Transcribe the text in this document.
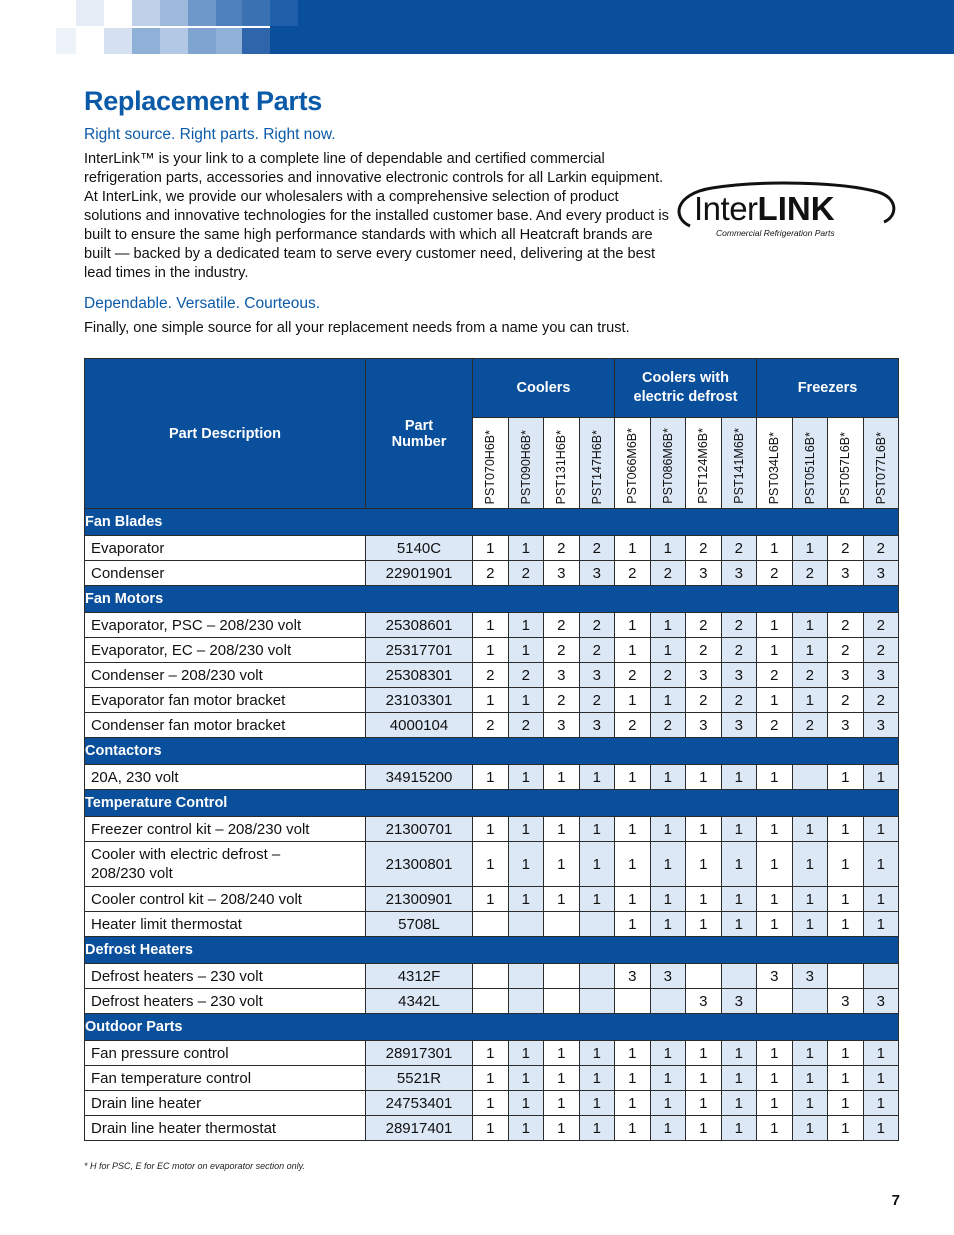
Replacement Parts

Right source. Right parts. Right now.

InterLink™ is your link to a complete line of dependable and certified commercial refrigeration parts, accessories and innovative electronic controls for all Larkin equipment. At InterLink, we provide our wholesalers with a comprehensive selection of product solutions and innovative technologies for the installed customer base. And every product is built to ensure the same high performance standards with which all Heatcraft brands are built — backed by a dedicated team to serve every customer need, delivering at the best lead times in the industry.

Dependable. Versatile. Courteous.

Finally, one simple source for all your replacement needs from a name you can trust.

InterLINK
Commercial Refrigeration Parts
Part Description	Part Number	Coolers				Coolers with electric defrost				Freezers			
		PST070H6B*	PST090H6B*	PST131H6B*	PST147H6B*	PST066M6B*	PST086M6B*	PST124M6B*	PST141M6B*	PST034L6B*	PST051L6B*	PST057L6B*	PST077L6B*
Fan Blades													
Evaporator	5140C	1	1	2	2	1	1	2	2	1	1	2	2
Condenser	22901901	2	2	3	3	2	2	3	3	2	2	3	3
Fan Motors													
Evaporator, PSC – 208/230 volt	25308601	1	1	2	2	1	1	2	2	1	1	2	2
Evaporator, EC – 208/230 volt	25317701	1	1	2	2	1	1	2	2	1	1	2	2
Condenser – 208/230 volt	25308301	2	2	3	3	2	2	3	3	2	2	3	3
Evaporator fan motor bracket	23103301	1	1	2	2	1	1	2	2	1	1	2	2
Condenser fan motor bracket	4000104	2	2	3	3	2	2	3	3	2	2	3	3
Contactors													
20A, 230 volt	34915200	1	1	1	1	1	1	1	1	1		1	1
Temperature Control													
Freezer control kit – 208/230 volt	21300701	1	1	1	1	1	1	1	1	1	1	1	1
Cooler with electric defrost – 208/230 volt	21300801	1	1	1	1	1	1	1	1	1	1	1	1
Cooler control kit – 208/240 volt	21300901	1	1	1	1	1	1	1	1	1	1	1	1
Heater limit thermostat	5708L					1	1	1	1	1	1	1	1
Defrost Heaters													
Defrost heaters – 230 volt	4312F					3	3			3	3		
Defrost heaters – 230 volt	4342L							3	3			3	3
Outdoor Parts													
Fan pressure control	28917301	1	1	1	1	1	1	1	1	1	1	1	1
Fan temperature control	5521R	1	1	1	1	1	1	1	1	1	1	1	1
Drain line heater	24753401	1	1	1	1	1	1	1	1	1	1	1	1
Drain line heater thermostat	28917401	1	1	1	1	1	1	1	1	1	1	1	1

* H for PSC, E for EC motor on evaporator section only.

7
